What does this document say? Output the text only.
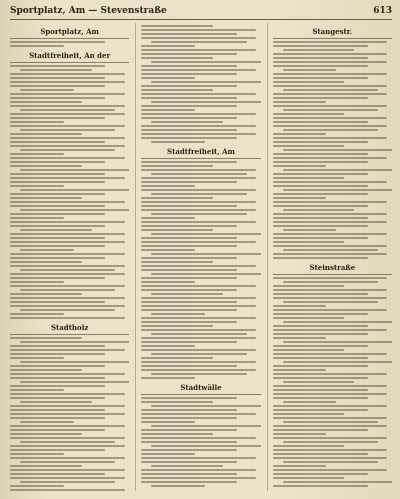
Sportplatz, Am — Stevenstraße	613
Sportplatz, Am
Stadtfreiheit, An der
Stadtholz
Stadtfreiheit, Am
Stadtwälle
Stangestr.
Steinstraße
